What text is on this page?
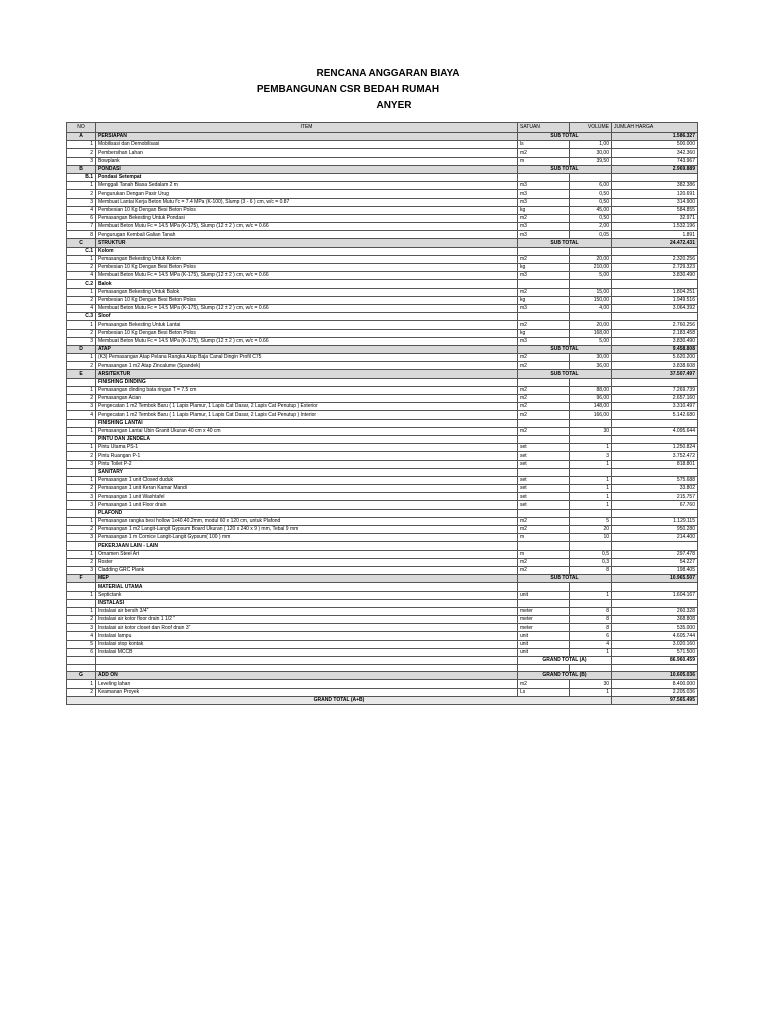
RENCANA ANGGARAN BIAYA
PEMBANGUNAN CSR BEDAH RUMAH
ANYER
NO	ITEM	SATUAN	VOLUME	JUMLAH HARGA
A	PERSIAPAN	SUB TOTAL		1.586.327
1	Mobilisasi dan Demobilisasi	ls	1,00	500.000
2	Pembersihan Lahan	m2	30,00	342.360
3	Bowplank	m	39,50	743.967
B	PONDASI	SUB TOTAL		2.969.889
B.1	Pondasi Setempat			
1	Menggali Tanah Biasa Sedalam 2 m	m3	6,00	382.386
2	Pengurukan Dengan Pasir Urug	m3	0,50	120.691
3	Membuat Lantai Kerja Beton Mutu f'c = 7.4 MPa (K-100), Slump (3 - 6 ) cm, w/c = 0.87	m3	0,50	314.900
4	Pembesian 10 Kg Dengan Besi Beton Polos	kg	45,00	584.855
6	Pemasangan Bekesting Untuk Pondasi	m2	0,50	32.971
7	Membuat Beton Mutu Fc = 14.5 MPa (K-175), Slump (12 ± 2 ) cm, w/c = 0.66	m3	2,00	1.532.196
8	Pengurugan Kembali Galian Tanah	m3	0,05	1.891
C	STRUKTUR	SUB TOTAL		24.472.431
C.1	Kolom			
1	Pemasangan Bekesting Untuk Kolom	m2	20,00	2.320.256
2	Pembesian 10 Kg Dengan Besi Beton Polos	kg	210,00	2.729.323
4	Membuat Beton Mutu Fc = 14.5 MPa (K-175), Slump (12 ± 2 ) cm, w/c = 0.66	m3	5,00	3.830.490
C.2	Balok			
1	Pemasangan Bekesting Untuk Balok	m2	15,00	1.804.251
2	Pembesian 10 Kg Dengan Besi Beton Polos	kg	150,00	1.949.516
4	Membuat Beton Mutu Fc = 14.5 MPa (K-175), Slump (12 ± 2 ) cm, w/c = 0.66	m3	4,00	3.064.392
C.3	Sloof			
1	Pemasangan Bekesting Untuk Lantai	m2	20,00	2.760.256
2	Pembesian 10 Kg Dengan Besi Beton Polos	kg	168,00	2.183.458
3	Membuat Beton Mutu Fc = 14.5 MPa (K-175), Slump (12 ± 2 ) cm, w/c = 0.66	m3	5,00	3.830.490
D	ATAP	SUB TOTAL		9.458.808
1	(K3) Pemasangan Atap Pelana Rangka Atap Baja Canal Dingin Profil C75	m2	30,00	5.620.200
2	Pemasangan 1 m2 Atap Zincalume (Spandek)	m2	36,00	3.838.608
E	ARSITEKTUR	SUB TOTAL		37.507.497
	FINISHING DINDING			
1	Pemasangan dinding bata ringan T = 7.5 cm	m2	88,00	7.269.739
2	Pemasangan Acian	m2	96,00	2.657.160
3	Pengecatan 1 m2 Tembok Baru ( 1 Lapis Plamur, 1 Lapis Cat Dasar, 2 Lapis Cat Penutup ) Exterior	m2	148,00	3.310.497
4	Pengecatan 1 m2 Tembok Baru ( 1 Lapis Plamur, 1 Lapis Cat Dasar, 2 Lapis Cat Penutup ) Interior	m2	166,00	5.142.680
	FINISHING LANTAI			
1	Pemasangan Lantai Ubin Granit Ukuran 40 cm x 40 cm	m2	30	4.095.644
	PINTU DAN JENDELA			
1	Pintu Utama PS-1	set	1	1.250.824
2	Pintu Ruangan P-1	set	3	3.752.472
3	Pintu Toilet P-2	set	1	818.801
	SANITARY			
1	Pemasangan 1 unit Closed duduk	set	1	575.688
2	Pemasangan 1 unit Keran Kamar Mandi	set	1	33.802
3	Pemasangan 1 unit Washtafel	set	1	215.757
3	Pemasangan 1 unit Floor drain	set	1	67.760
	PLAFOND			
1	Pemasangan rangka besi hollow 1x40.40.2mm, modul 60 x 120 cm, untuk Plafond	m2	5	1.129.115
2	Pemasangan 1 m2 Langit-Langit Gypsum Board Ukuran ( 120 x 240 x 9 ) mm, Tebal 9 mm	m2	20	950.280
3	Pemasangan 1 m Cornice Langit-Langit Gypsum( 100 ) mm	m	10	214.400
	PEKERJAAN LAIN - LAIN			
1	Ornamen Steel Art	m	0,5	297.478
2	Roster	m2	0,3	54.227
3	Cladding GRC Plank	m2	8	198.405
F	MEP	SUB TOTAL		10.965.507
	MATERIAL UTAMA			
1	Septictank	unit	1	1.604.167
	INSTALASI			
1	Instalasi air bersih 3/4"	meter	8	260.328
2	Instalasi air kotor floor drain 1 1/2 "	meter	8	368.808
3	Instalasi air kotor closet dan Roof drain 3"	meter	8	535.000
4	Instalasi lampu	unit	6	4.605.744
5	Instalasi stop kontak	unit	4	3.020.160
6	Instalasi MCCB	unit	1	571.500
		GRAND TOTAL (A)		86.960.459

G	ADD ON	GRAND TOTAL (B)		10.605.036
1	Leveling lahan	m2	30	8.400.000
2	Keamanan Proyek	Ls	1	2.205.036
GRAND TOTAL (A+B)				97.565.495
